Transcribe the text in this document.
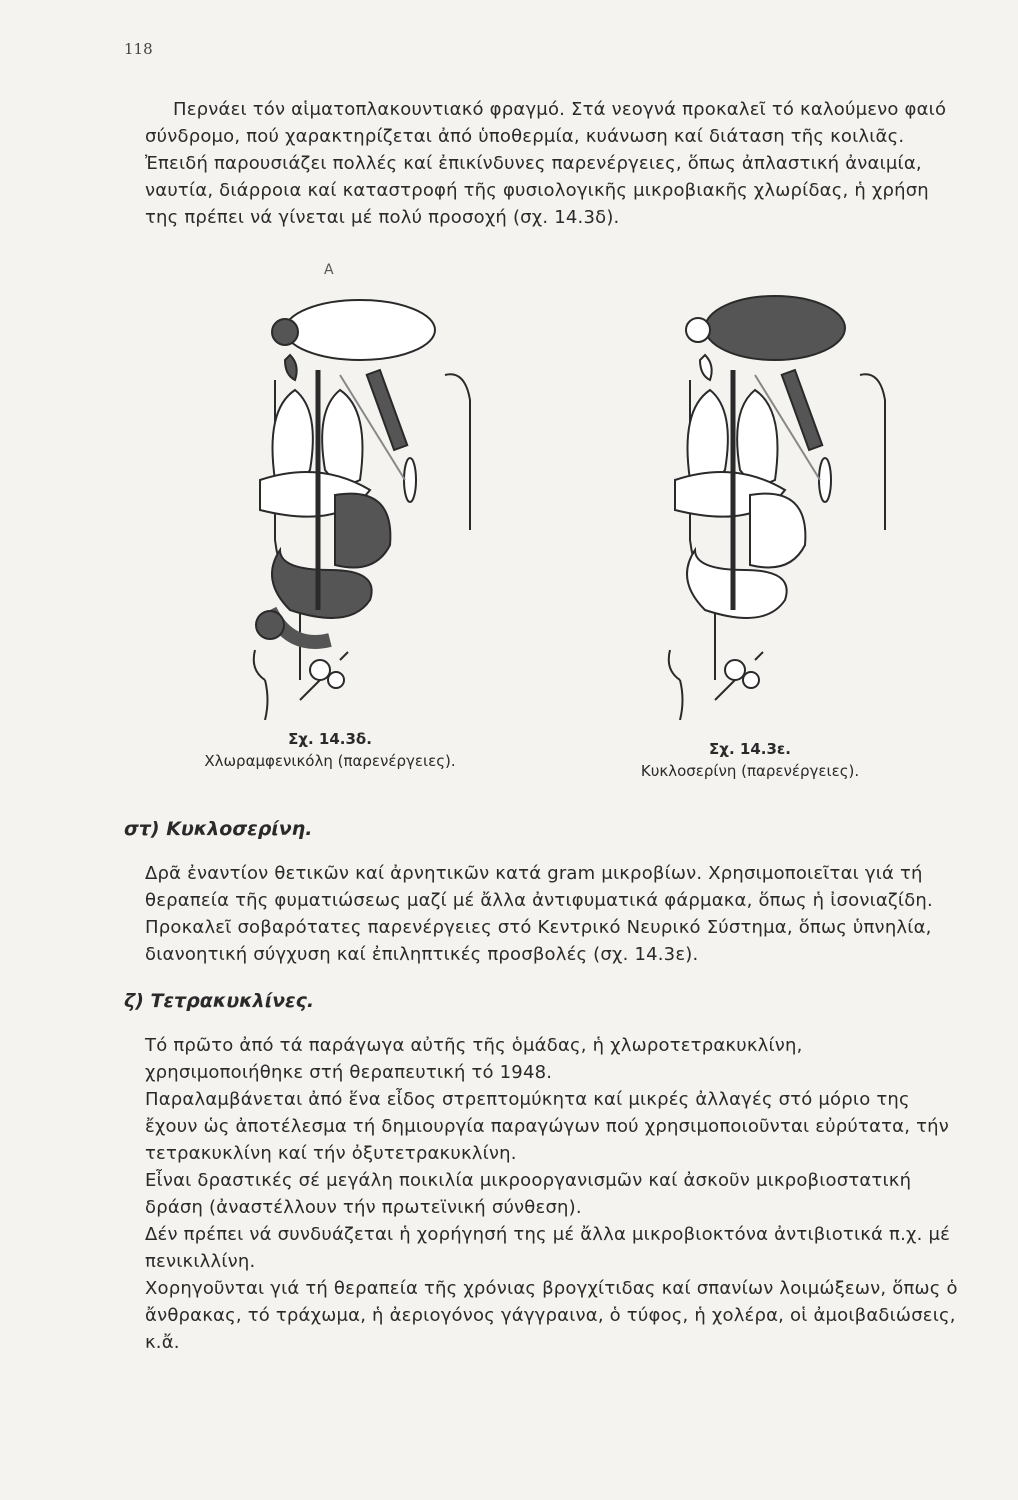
118
Περνάει τόν αἱματοπλακουντιακό φραγμό. Στά νεογνά προκαλεῖ τό καλούμενο φαιό σύνδρομο, πού χαρακτηρίζεται ἀπό ὑποθερμία, κυάνωση καί διάταση τῆς κοιλιᾶς. Ἐπειδή παρουσιάζει πολλές καί ἐπικίνδυνες παρενέργειες, ὅπως ἀπλαστική ἀναιμία, ναυτία, διάρροια καί καταστροφή τῆς φυσιολογικῆς μικροβιακῆς χλωρίδας, ἡ χρήση της πρέπει νά γίνεται μέ πολύ προσοχή (σχ. 14.3δ).
Α
Σχ. 14.3δ.
Χλωραμφενικόλη (παρενέργειες).
Σχ. 14.3ε.
Κυκλοσερίνη (παρενέργειες).
στ) Κυκλοσερίνη.
Δρᾶ ἐναντίον θετικῶν καί ἀρνητικῶν κατά gram μικροβίων. Χρησιμοποιεῖται γιά τή θεραπεία τῆς φυματιώσεως μαζί μέ ἄλλα ἀντιφυματικά φάρμακα, ὅπως ἡ ἰσονιαζίδη. Προκαλεῖ σοβαρότατες παρενέργειες στό Κεντρικό Νευρικό Σύστημα, ὅπως ὑπνηλία, διανοητική σύγχυση καί ἐπιληπτικές προσβολές (σχ. 14.3ε).
ζ) Τετρακυκλίνες.

Τό πρῶτο ἀπό τά παράγωγα αὐτῆς τῆς ὁμάδας, ἡ χλωροτετρακυκλίνη, χρησιμοποιήθηκε στή θεραπευτική τό 1948.

Παραλαμβάνεται ἀπό ἕνα εἶδος στρεπτομύκητα καί μικρές ἀλλαγές στό μόριο της ἔχουν ὡς ἀποτέλεσμα τή δημιουργία παραγώγων πού χρησιμοποιοῦνται εὐρύτατα, τήν τετρακυκλίνη καί τήν ὀξυτετρακυκλίνη.

Εἶναι δραστικές σέ μεγάλη ποικιλία μικροοργανισμῶν καί ἀσκοῦν μικροβιοστατική δράση (ἀναστέλλουν τήν πρωτεϊνική σύνθεση).

Δέν πρέπει νά συνδυάζεται ἡ χορήγησή της μέ ἄλλα μικροβιοκτόνα ἀντιβιοτικά π.χ. μέ πενικιλλίνη.

Χορηγοῦνται γιά τή θεραπεία τῆς χρόνιας βρογχίτιδας καί σπανίων λοιμώξεων, ὅπως ὁ ἄνθρακας, τό τράχωμα, ἡ ἀεριογόνος γάγγραινα, ὁ τύφος, ἡ χολέρα, οἱ ἀμοιβαδιώσεις, κ.ἄ.
